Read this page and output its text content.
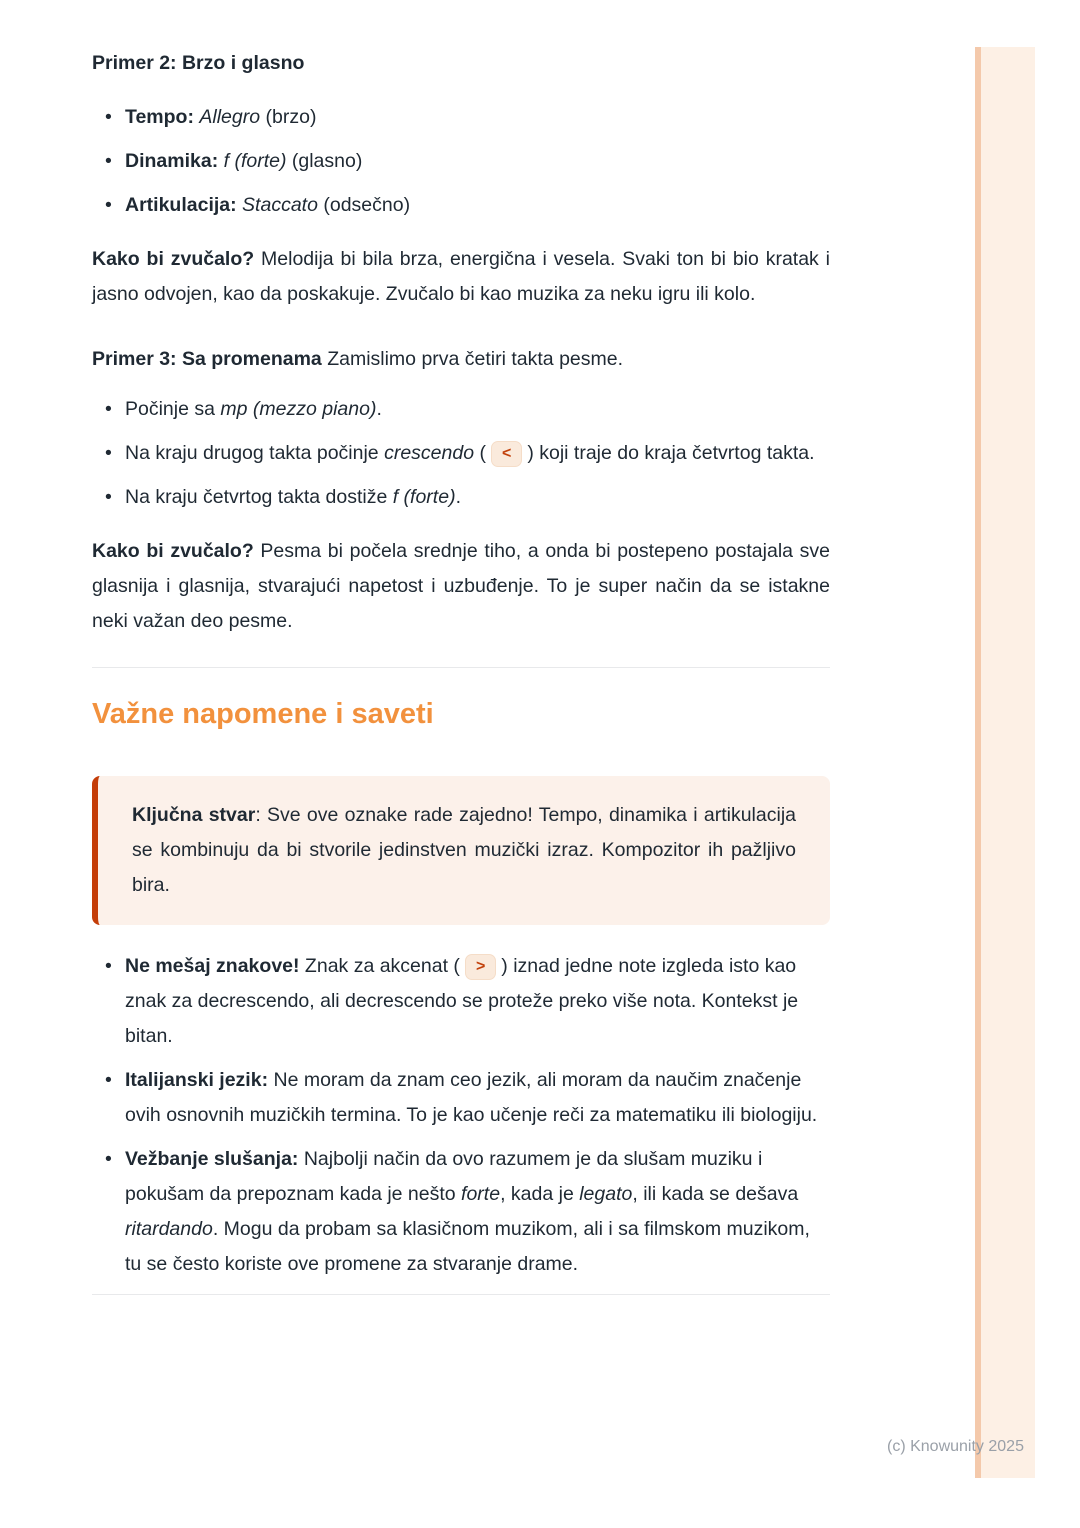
Primer 2: Brzo i glasno
• Tempo: Allegro (brzo)
• Dinamika: f (forte) (glasno)
• Artikulacija: Staccato (odsečno)

Kako bi zvučalo? Melodija bi bila brza, energična i vesela. Svaki ton bi bio kratak i jasno odvojen, kao da poskakuje. Zvučalo bi kao muzika za neku igru ili kolo.

Primer 3: Sa promenama Zamislimo prva četiri takta pesme.

• Počinje sa mp (mezzo piano).
• Na kraju drugog takta počinje crescendo ( < ) koji traje do kraja četvrtog takta.
• Na kraju četvrtog takta dostiže f (forte).

Kako bi zvučalo? Pesma bi počela srednje tiho, a onda bi postepeno postajala sve glasnija i glasnija, stvarajući napetost i uzbuđenje. To je super način da se istakne neki važan deo pesme.

Važne napomene i saveti
Ključna stvar: Sve ove oznake rade zajedno! Tempo, dinamika i artikulacija se kombinuju da bi stvorile jedinstven muzički izraz. Kompozitor ih pažljivo bira.
• Ne mešaj znakove! Znak za akcenat ( > ) iznad jedne note izgleda isto kao znak za decrescendo, ali decrescendo se proteže preko više nota. Kontekst je bitan.
• Italijanski jezik: Ne moram da znam ceo jezik, ali moram da naučim značenje ovih osnovnih muzičkih termina. To je kao učenje reči za matematiku ili biologiju.
• Vežbanje slušanja: Najbolji način da ovo razumem je da slušam muziku i pokušam da prepoznam kada je nešto forte, kada je legato, ili kada se dešava ritardando. Mogu da probam sa klasičnom muzikom, ali i sa filmskom muzikom, tu se često koriste ove promene za stvaranje drame.
(c) Knowunity 2025
